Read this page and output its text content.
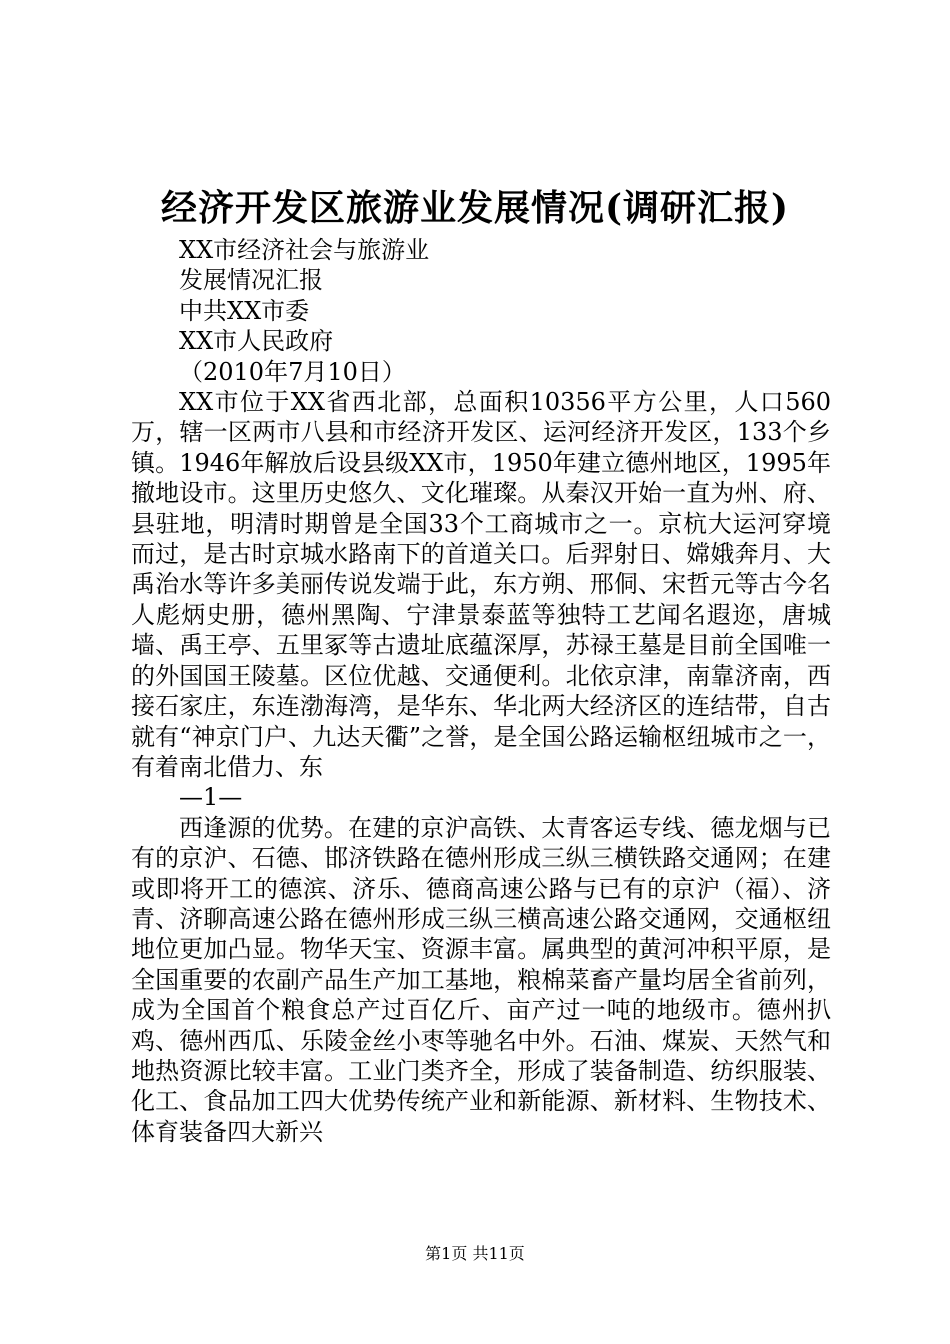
经济开发区旅游业发展情况(调研汇报)
XX市经济社会与旅游业
发展情况汇报
中共XX市委
XX市人民政府
（2010年7月10日）

XX市位于XX省西北部，总面积10356平方公里，人口560万，辖一区两市八县和市经济开发区、运河经济开发区，133个乡镇。1946年解放后设县级XX市，1950年建立德州地区，1995年撤地设市。这里历史悠久、文化璀璨。从秦汉开始一直为州、府、县驻地，明清时期曾是全国33个工商城市之一。京杭大运河穿境而过，是古时京城水路南下的首道关口。后羿射日、嫦娥奔月、大禹治水等许多美丽传说发端于此，东方朔、邢侗、宋哲元等古今名人彪炳史册，德州黑陶、宁津景泰蓝等独特工艺闻名遐迩，唐城墙、禹王亭、五里冢等古遗址底蕴深厚，苏禄王墓是目前全国唯一的外国国王陵墓。区位优越、交通便利。北依京津，南靠济南，西接石家庄，东连渤海湾，是华东、华北两大经济区的连结带，自古就有“神京门户、九达天衢”之誉，是全国公路运输枢纽城市之一，有着南北借力、东

—1—

西逢源的优势。在建的京沪高铁、太青客运专线、德龙烟与已有的京沪、石德、邯济铁路在德州形成三纵三横铁路交通网；在建或即将开工的德滨、济乐、德商高速公路与已有的京沪（福）、济青、济聊高速公路在德州形成三纵三横高速公路交通网，交通枢纽地位更加凸显。物华天宝、资源丰富。属典型的黄河冲积平原，是全国重要的农副产品生产加工基地，粮棉菜畜产量均居全省前列，成为全国首个粮食总产过百亿斤、亩产过一吨的地级市。德州扒鸡、德州西瓜、乐陵金丝小枣等驰名中外。石油、煤炭、天然气和地热资源比较丰富。工业门类齐全，形成了装备制造、纺织服装、化工、食品加工四大优势传统产业和新能源、新材料、生物技术、体育装备四大新兴

第1页 共11页
